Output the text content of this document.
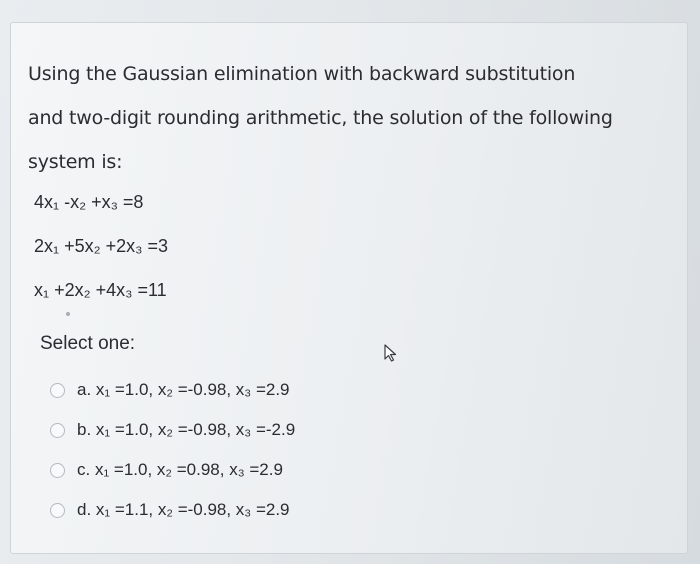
Using the Gaussian elimination with backward substitution
and two-digit rounding arithmetic, the solution of the following
system is:
4x₁ -x₂ +x₃ =8
2x₁ +5x₂ +2x₃ =3
x₁ +2x₂ +4x₃ =11
Select one:
a. x₁ =1.0, x₂ =-0.98, x₃ =2.9
b. x₁ =1.0, x₂ =-0.98, x₃ =-2.9
c. x₁ =1.0, x₂ =0.98, x₃ =2.9
d. x₁ =1.1, x₂ =-0.98, x₃ =2.9
